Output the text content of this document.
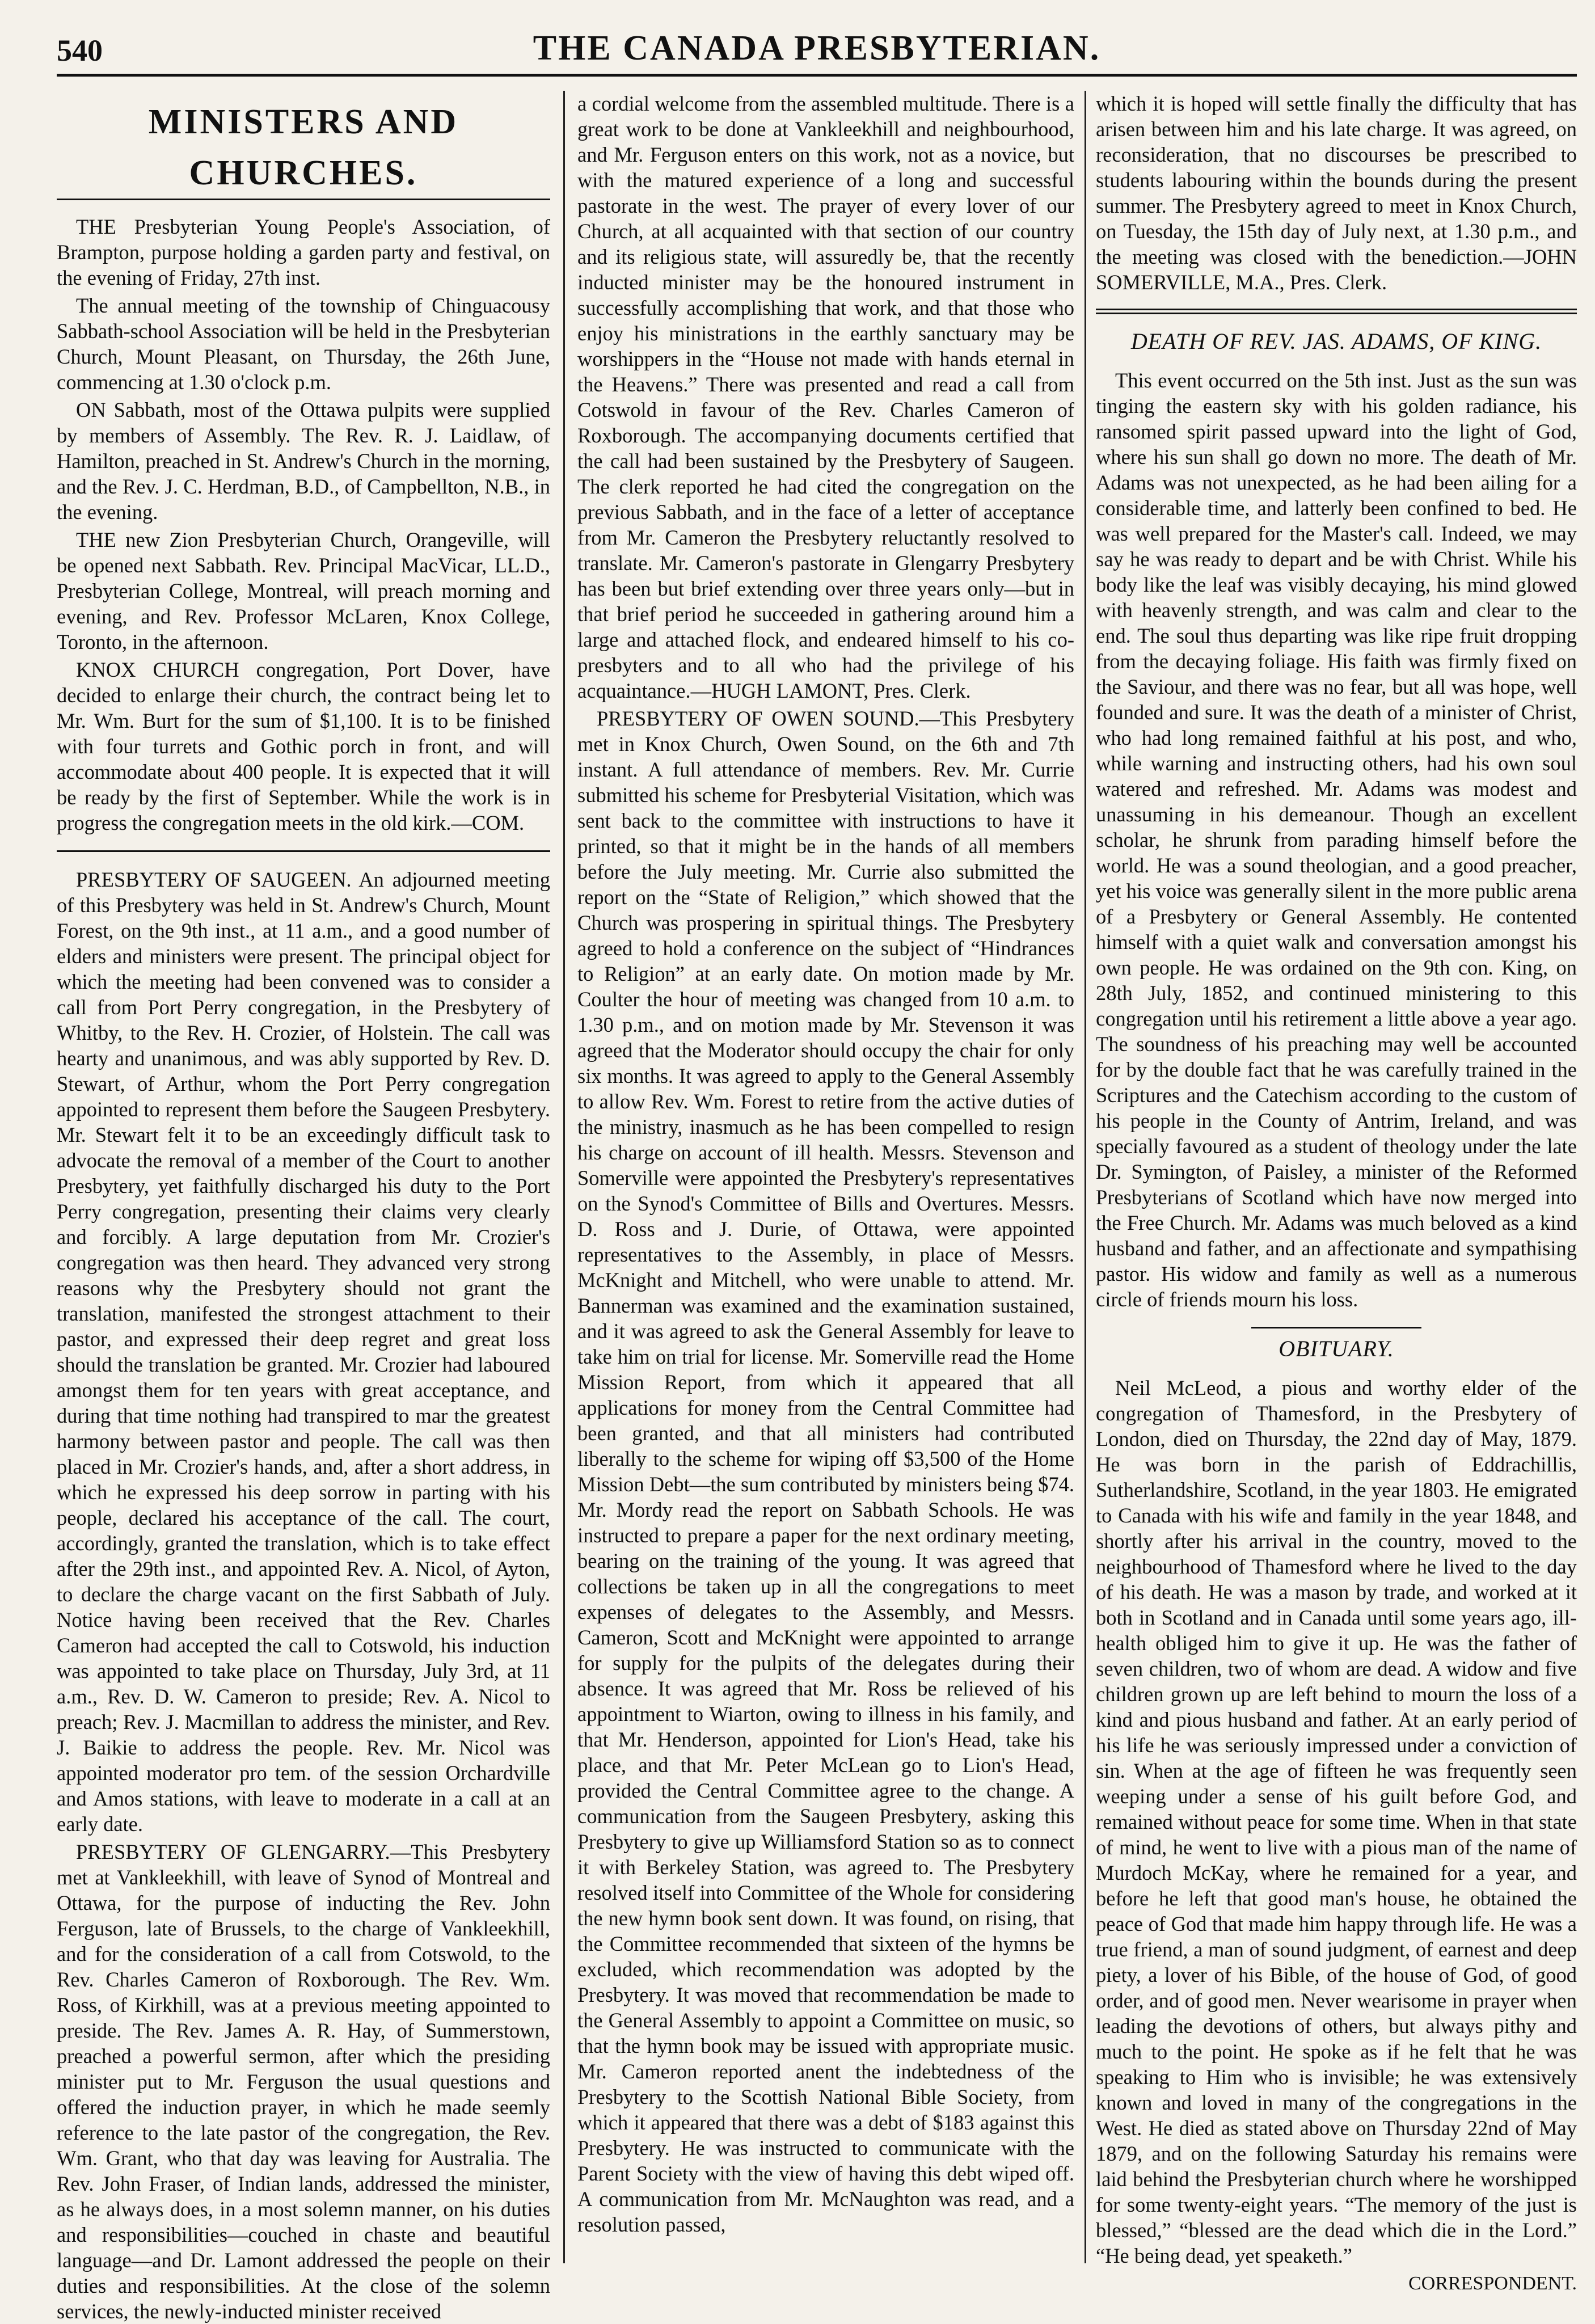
540	THE CANADA PRESBYTERIAN.
MINISTERS AND CHURCHES.

THE Presbyterian Young People's Association, of Brampton, purpose holding a garden party and festival, on the evening of Friday, 27th inst.

The annual meeting of the township of Chinguacousy Sabbath-school Association will be held in the Presbyterian Church, Mount Pleasant, on Thursday, the 26th June, commencing at 1.30 o'clock p.m.

ON Sabbath, most of the Ottawa pulpits were supplied by members of Assembly. The Rev. R. J. Laidlaw, of Hamilton, preached in St. Andrew's Church in the morning, and the Rev. J. C. Herdman, B.D., of Campbellton, N.B., in the evening.

THE new Zion Presbyterian Church, Orangeville, will be opened next Sabbath. Rev. Principal MacVicar, LL.D., Presbyterian College, Montreal, will preach morning and evening, and Rev. Professor McLaren, Knox College, Toronto, in the afternoon.

KNOX CHURCH congregation, Port Dover, have decided to enlarge their church, the contract being let to Mr. Wm. Burt for the sum of $1,100. It is to be finished with four turrets and Gothic porch in front, and will accommodate about 400 people. It is expected that it will be ready by the first of September. While the work is in progress the congregation meets in the old kirk.—COM.

PRESBYTERY OF SAUGEEN. An adjourned meeting of this Presbytery was held in St. Andrew's Church, Mount Forest, on the 9th inst., at 11 a.m., and a good number of elders and ministers were present. The principal object for which the meeting had been convened was to consider a call from Port Perry congregation, in the Presbytery of Whitby, to the Rev. H. Crozier, of Holstein. The call was hearty and unanimous, and was ably supported by Rev. D. Stewart, of Arthur, whom the Port Perry congregation appointed to represent them before the Saugeen Presbytery. Mr. Stewart felt it to be an exceedingly difficult task to advocate the removal of a member of the Court to another Presbytery, yet faithfully discharged his duty to the Port Perry congregation, presenting their claims very clearly and forcibly. A large deputation from Mr. Crozier's congregation was then heard. They advanced very strong reasons why the Presbytery should not grant the translation, manifested the strongest attachment to their pastor, and expressed their deep regret and great loss should the translation be granted. Mr. Crozier had laboured amongst them for ten years with great acceptance, and during that time nothing had transpired to mar the greatest harmony between pastor and people. The call was then placed in Mr. Crozier's hands, and, after a short address, in which he expressed his deep sorrow in parting with his people, declared his acceptance of the call. The court, accordingly, granted the translation, which is to take effect after the 29th inst., and appointed Rev. A. Nicol, of Ayton, to declare the charge vacant on the first Sabbath of July. Notice having been received that the Rev. Charles Cameron had accepted the call to Cotswold, his induction was appointed to take place on Thursday, July 3rd, at 11 a.m., Rev. D. W. Cameron to preside; Rev. A. Nicol to preach; Rev. J. Macmillan to address the minister, and Rev. J. Baikie to address the people. Rev. Mr. Nicol was appointed moderator pro tem. of the session Orchardville and Amos stations, with leave to moderate in a call at an early date.

PRESBYTERY OF GLENGARRY.—This Presbytery met at Vankleekhill, with leave of Synod of Montreal and Ottawa, for the purpose of inducting the Rev. John Ferguson, late of Brussels, to the charge of Vankleekhill, and for the consideration of a call from Cotswold, to the Rev. Charles Cameron of Roxborough. The Rev. Wm. Ross, of Kirkhill, was at a previous meeting appointed to preside. The Rev. James A. R. Hay, of Summerstown, preached a powerful sermon, after which the presiding minister put to Mr. Ferguson the usual questions and offered the induction prayer, in which he made seemly reference to the late pastor of the congregation, the Rev. Wm. Grant, who that day was leaving for Australia. The Rev. John Fraser, of Indian lands, addressed the minister, as he always does, in a most solemn manner, on his duties and responsibilities—couched in chaste and beautiful language—and Dr. Lamont addressed the people on their duties and responsibilities. At the close of the solemn services, the newly-inducted minister received

a cordial welcome from the assembled multitude. There is a great work to be done at Vankleekhill and neighbourhood, and Mr. Ferguson enters on this work, not as a novice, but with the matured experience of a long and successful pastorate in the west. The prayer of every lover of our Church, at all acquainted with that section of our country and its religious state, will assuredly be, that the recently inducted minister may be the honoured instrument in successfully accomplishing that work, and that those who enjoy his ministrations in the earthly sanctuary may be worshippers in the “House not made with hands eternal in the Heavens.” There was presented and read a call from Cotswold in favour of the Rev. Charles Cameron of Roxborough. The accompanying documents certified that the call had been sustained by the Presbytery of Saugeen. The clerk reported he had cited the congregation on the previous Sabbath, and in the face of a letter of acceptance from Mr. Cameron the Presbytery reluctantly resolved to translate. Mr. Cameron's pastorate in Glengarry Presbytery has been but brief extending over three years only—but in that brief period he succeeded in gathering around him a large and attached flock, and endeared himself to his co-presbyters and to all who had the privilege of his acquaintance.—HUGH LAMONT, Pres. Clerk.

PRESBYTERY OF OWEN SOUND.—This Presbytery met in Knox Church, Owen Sound, on the 6th and 7th instant. A full attendance of members. Rev. Mr. Currie submitted his scheme for Presbyterial Visitation, which was sent back to the committee with instructions to have it printed, so that it might be in the hands of all members before the July meeting. Mr. Currie also submitted the report on the “State of Religion,” which showed that the Church was prospering in spiritual things. The Presbytery agreed to hold a conference on the subject of “Hindrances to Religion” at an early date. On motion made by Mr. Coulter the hour of meeting was changed from 10 a.m. to 1.30 p.m., and on motion made by Mr. Stevenson it was agreed that the Moderator should occupy the chair for only six months. It was agreed to apply to the General Assembly to allow Rev. Wm. Forest to retire from the active duties of the ministry, inasmuch as he has been compelled to resign his charge on account of ill health. Messrs. Stevenson and Somerville were appointed the Presbytery's representatives on the Synod's Committee of Bills and Overtures. Messrs. D. Ross and J. Durie, of Ottawa, were appointed representatives to the Assembly, in place of Messrs. McKnight and Mitchell, who were unable to attend. Mr. Bannerman was examined and the examination sustained, and it was agreed to ask the General Assembly for leave to take him on trial for license. Mr. Somerville read the Home Mission Report, from which it appeared that all applications for money from the Central Committee had been granted, and that all ministers had contributed liberally to the scheme for wiping off $3,500 of the Home Mission Debt—the sum contributed by ministers being $74. Mr. Mordy read the report on Sabbath Schools. He was instructed to prepare a paper for the next ordinary meeting, bearing on the training of the young. It was agreed that collections be taken up in all the congregations to meet expenses of delegates to the Assembly, and Messrs. Cameron, Scott and McKnight were appointed to arrange for supply for the pulpits of the delegates during their absence. It was agreed that Mr. Ross be relieved of his appointment to Wiarton, owing to illness in his family, and that Mr. Henderson, appointed for Lion's Head, take his place, and that Mr. Peter McLean go to Lion's Head, provided the Central Committee agree to the change. A communication from the Saugeen Presbytery, asking this Presbytery to give up Williamsford Station so as to connect it with Berkeley Station, was agreed to. The Presbytery resolved itself into Committee of the Whole for considering the new hymn book sent down. It was found, on rising, that the Committee recommended that sixteen of the hymns be excluded, which recommendation was adopted by the Presbytery. It was moved that recommendation be made to the General Assembly to appoint a Committee on music, so that the hymn book may be issued with appropriate music. Mr. Cameron reported anent the indebtedness of the Presbytery to the Scottish National Bible Society, from which it appeared that there was a debt of $183 against this Presbytery. He was instructed to communicate with the Parent Society with the view of having this debt wiped off. A communication from Mr. McNaughton was read, and a resolution passed,

which it is hoped will settle finally the difficulty that has arisen between him and his late charge. It was agreed, on reconsideration, that no discourses be prescribed to students labouring within the bounds during the present summer. The Presbytery agreed to meet in Knox Church, on Tuesday, the 15th day of July next, at 1.30 p.m., and the meeting was closed with the benediction.—JOHN SOMERVILLE, M.A., Pres. Clerk.

DEATH OF REV. JAS. ADAMS, OF KING.

This event occurred on the 5th inst. Just as the sun was tinging the eastern sky with his golden radiance, his ransomed spirit passed upward into the light of God, where his sun shall go down no more. The death of Mr. Adams was not unexpected, as he had been ailing for a considerable time, and latterly been confined to bed. He was well prepared for the Master's call. Indeed, we may say he was ready to depart and be with Christ. While his body like the leaf was visibly decaying, his mind glowed with heavenly strength, and was calm and clear to the end. The soul thus departing was like ripe fruit dropping from the decaying foliage. His faith was firmly fixed on the Saviour, and there was no fear, but all was hope, well founded and sure. It was the death of a minister of Christ, who had long remained faithful at his post, and who, while warning and instructing others, had his own soul watered and refreshed. Mr. Adams was modest and unassuming in his demeanour. Though an excellent scholar, he shrunk from parading himself before the world. He was a sound theologian, and a good preacher, yet his voice was generally silent in the more public arena of a Presbytery or General Assembly. He contented himself with a quiet walk and conversation amongst his own people. He was ordained on the 9th con. King, on 28th July, 1852, and continued ministering to this congregation until his retirement a little above a year ago. The soundness of his preaching may well be accounted for by the double fact that he was carefully trained in the Scriptures and the Catechism according to the custom of his people in the County of Antrim, Ireland, and was specially favoured as a student of theology under the late Dr. Symington, of Paisley, a minister of the Reformed Presbyterians of Scotland which have now merged into the Free Church. Mr. Adams was much beloved as a kind husband and father, and an affectionate and sympathising pastor. His widow and family as well as a numerous circle of friends mourn his loss.

OBITUARY.

Neil McLeod, a pious and worthy elder of the congregation of Thamesford, in the Presbytery of London, died on Thursday, the 22nd day of May, 1879. He was born in the parish of Eddrachillis, Sutherlandshire, Scotland, in the year 1803. He emigrated to Canada with his wife and family in the year 1848, and shortly after his arrival in the country, moved to the neighbourhood of Thamesford where he lived to the day of his death. He was a mason by trade, and worked at it both in Scotland and in Canada until some years ago, ill-health obliged him to give it up. He was the father of seven children, two of whom are dead. A widow and five children grown up are left behind to mourn the loss of a kind and pious husband and father. At an early period of his life he was seriously impressed under a conviction of sin. When at the age of fifteen he was frequently seen weeping under a sense of his guilt before God, and remained without peace for some time. When in that state of mind, he went to live with a pious man of the name of Murdoch McKay, where he remained for a year, and before he left that good man's house, he obtained the peace of God that made him happy through life. He was a true friend, a man of sound judgment, of earnest and deep piety, a lover of his Bible, of the house of God, of good order, and of good men. Never wearisome in prayer when leading the devotions of others, but always pithy and much to the point. He spoke as if he felt that he was speaking to Him who is invisible; he was extensively known and loved in many of the congregations in the West. He died as stated above on Thursday 22nd of May 1879, and on the following Saturday his remains were laid behind the Presbyterian church where he worshipped for some twenty-eight years. “The memory of the just is blessed,” “blessed are the dead which die in the Lord.” “He being dead, yet speaketh.”

CORRESPONDENT.
